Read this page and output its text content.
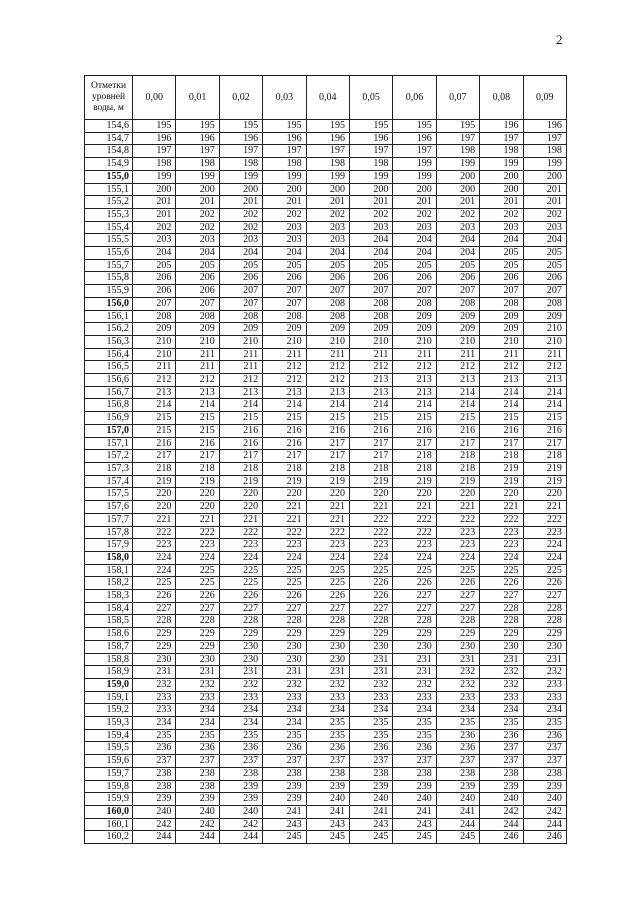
2
Отметки
уровней
воды, м	0,00	0,01	0,02	0,03	0,04	0,05	0,06	0,07	0,08	0,09
154,6	195	195	195	195	195	195	195	195	196	196
154,7	196	196	196	196	196	196	196	197	197	197
154,8	197	197	197	197	197	197	197	198	198	198
154,9	198	198	198	198	198	198	199	199	199	199
155,0	199	199	199	199	199	199	199	200	200	200
155,1	200	200	200	200	200	200	200	200	200	201
155,2	201	201	201	201	201	201	201	201	201	201
155,3	201	202	202	202	202	202	202	202	202	202
155,4	202	202	202	203	203	203	203	203	203	203
155,5	203	203	203	203	203	204	204	204	204	204
155,6	204	204	204	204	204	204	204	204	205	205
155,7	205	205	205	205	205	205	205	205	205	205
155,8	206	206	206	206	206	206	206	206	206	206
155,9	206	206	207	207	207	207	207	207	207	207
156,0	207	207	207	207	208	208	208	208	208	208
156,1	208	208	208	208	208	208	209	209	209	209
156,2	209	209	209	209	209	209	209	209	209	210
156,3	210	210	210	210	210	210	210	210	210	210
156,4	210	211	211	211	211	211	211	211	211	211
156,5	211	211	211	212	212	212	212	212	212	212
156,6	212	212	212	212	212	213	213	213	213	213
156,7	213	213	213	213	213	213	213	214	214	214
156,8	214	214	214	214	214	214	214	214	214	214
156,9	215	215	215	215	215	215	215	215	215	215
157,0	215	215	216	216	216	216	216	216	216	216
157,1	216	216	216	216	217	217	217	217	217	217
157,2	217	217	217	217	217	217	218	218	218	218
157,3	218	218	218	218	218	218	218	218	219	219
157,4	219	219	219	219	219	219	219	219	219	219
157,5	220	220	220	220	220	220	220	220	220	220
157,6	220	220	220	221	221	221	221	221	221	221
157,7	221	221	221	221	221	222	222	222	222	222
157,8	222	222	222	222	222	222	222	223	223	223
157,9	223	223	223	223	223	223	223	223	223	224
158,0	224	224	224	224	224	224	224	224	224	224
158,1	224	225	225	225	225	225	225	225	225	225
158,2	225	225	225	225	225	226	226	226	226	226
158,3	226	226	226	226	226	226	227	227	227	227
158,4	227	227	227	227	227	227	227	227	228	228
158,5	228	228	228	228	228	228	228	228	228	228
158,6	229	229	229	229	229	229	229	229	229	229
158,7	229	229	230	230	230	230	230	230	230	230
158,8	230	230	230	230	230	231	231	231	231	231
158,9	231	231	231	231	231	231	231	232	232	232
159,0	232	232	232	232	232	232	232	232	232	233
159,1	233	233	233	233	233	233	233	233	233	233
159,2	233	234	234	234	234	234	234	234	234	234
159,3	234	234	234	234	235	235	235	235	235	235
159,4	235	235	235	235	235	235	235	236	236	236
159,5	236	236	236	236	236	236	236	236	237	237
159,6	237	237	237	237	237	237	237	237	237	237
159,7	238	238	238	238	238	238	238	238	238	238
159,8	238	238	239	239	239	239	239	239	239	239
159,9	239	239	239	239	240	240	240	240	240	240
160,0	240	240	240	241	241	241	241	241	242	242
160,1	242	242	242	243	243	243	243	244	244	244
160,2	244	244	244	245	245	245	245	245	246	246
